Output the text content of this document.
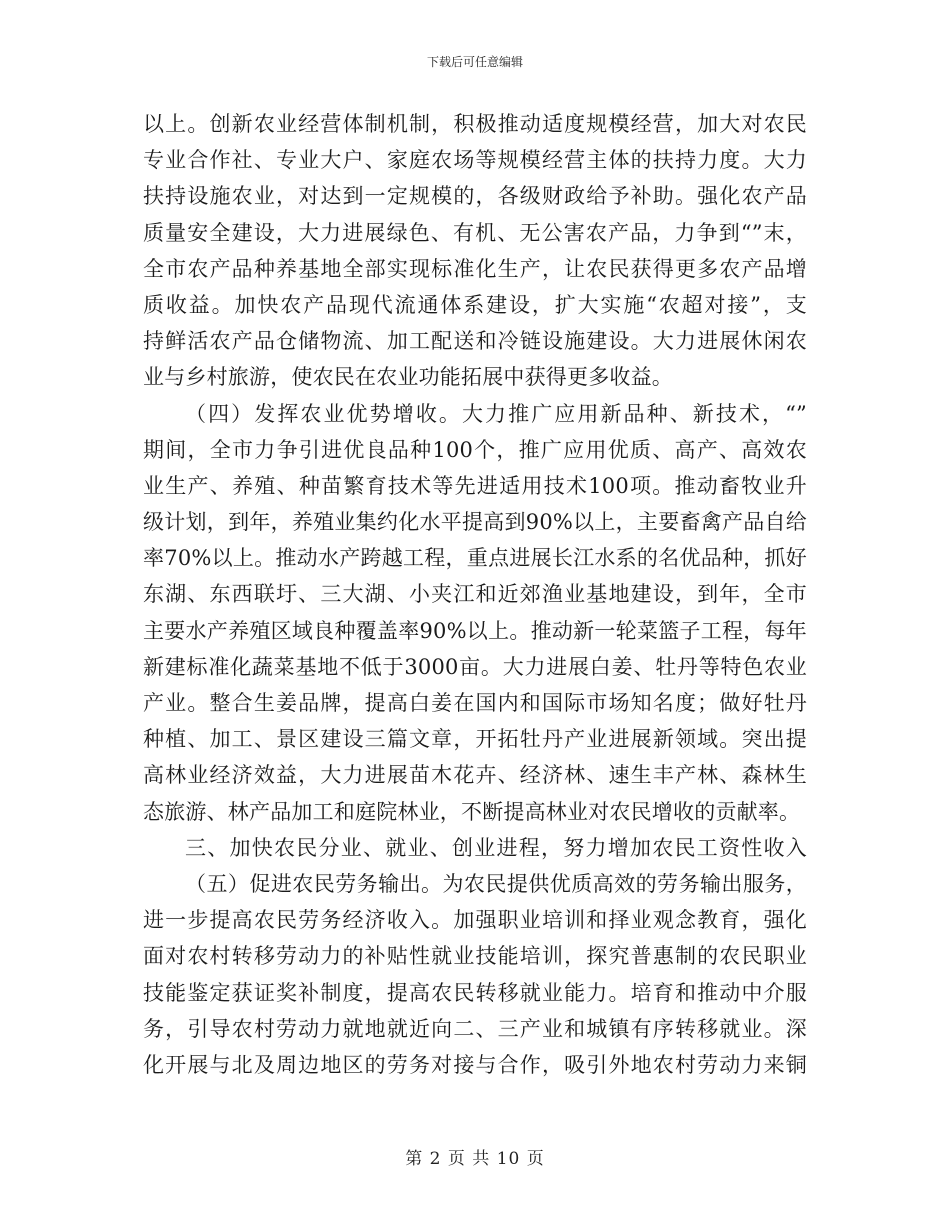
下载后可任意编辑
以上。创新农业经营体制机制，积极推动适度规模经营，加大对农民
专业合作社、专业大户、家庭农场等规模经营主体的扶持力度。大力
扶持设施农业，对达到一定规模的，各级财政给予补助。强化农产品
质量安全建设，大力进展绿色、有机、无公害农产品，力争到“”末，
全市农产品种养基地全部实现标准化生产，让农民获得更多农产品增
质收益。加快农产品现代流通体系建设，扩大实施“农超对接”，支
持鲜活农产品仓储物流、加工配送和冷链设施建设。大力进展休闲农
业与乡村旅游，使农民在农业功能拓展中获得更多收益。
（四）发挥农业优势增收。大力推广应用新品种、新技术，“”
期间，全市力争引进优良品种100个，推广应用优质、高产、高效农
业生产、养殖、种苗繁育技术等先进适用技术100项。推动畜牧业升
级计划，到年，养殖业集约化水平提高到90%以上，主要畜禽产品自给
率70%以上。推动水产跨越工程，重点进展长江水系的名优品种，抓好
东湖、东西联圩、三大湖、小夹江和近郊渔业基地建设，到年，全市
主要水产养殖区域良种覆盖率90%以上。推动新一轮菜篮子工程，每年
新建标准化蔬菜基地不低于3000亩。大力进展白姜、牡丹等特色农业
产业。整合生姜品牌，提高白姜在国内和国际市场知名度；做好牡丹
种植、加工、景区建设三篇文章，开拓牡丹产业进展新领域。突出提
高林业经济效益，大力进展苗木花卉、经济林、速生丰产林、森林生
态旅游、林产品加工和庭院林业，不断提高林业对农民增收的贡献率。
三、加快农民分业、就业、创业进程，努力增加农民工资性收入
（五）促进农民劳务输出。为农民提供优质高效的劳务输出服务，
进一步提高农民劳务经济收入。加强职业培训和择业观念教育，强化
面对农村转移劳动力的补贴性就业技能培训，探究普惠制的农民职业
技能鉴定获证奖补制度，提高农民转移就业能力。培育和推动中介服
务，引导农村劳动力就地就近向二、三产业和城镇有序转移就业。深
化开展与北及周边地区的劳务对接与合作，吸引外地农村劳动力来铜
第 2 页 共 10 页
